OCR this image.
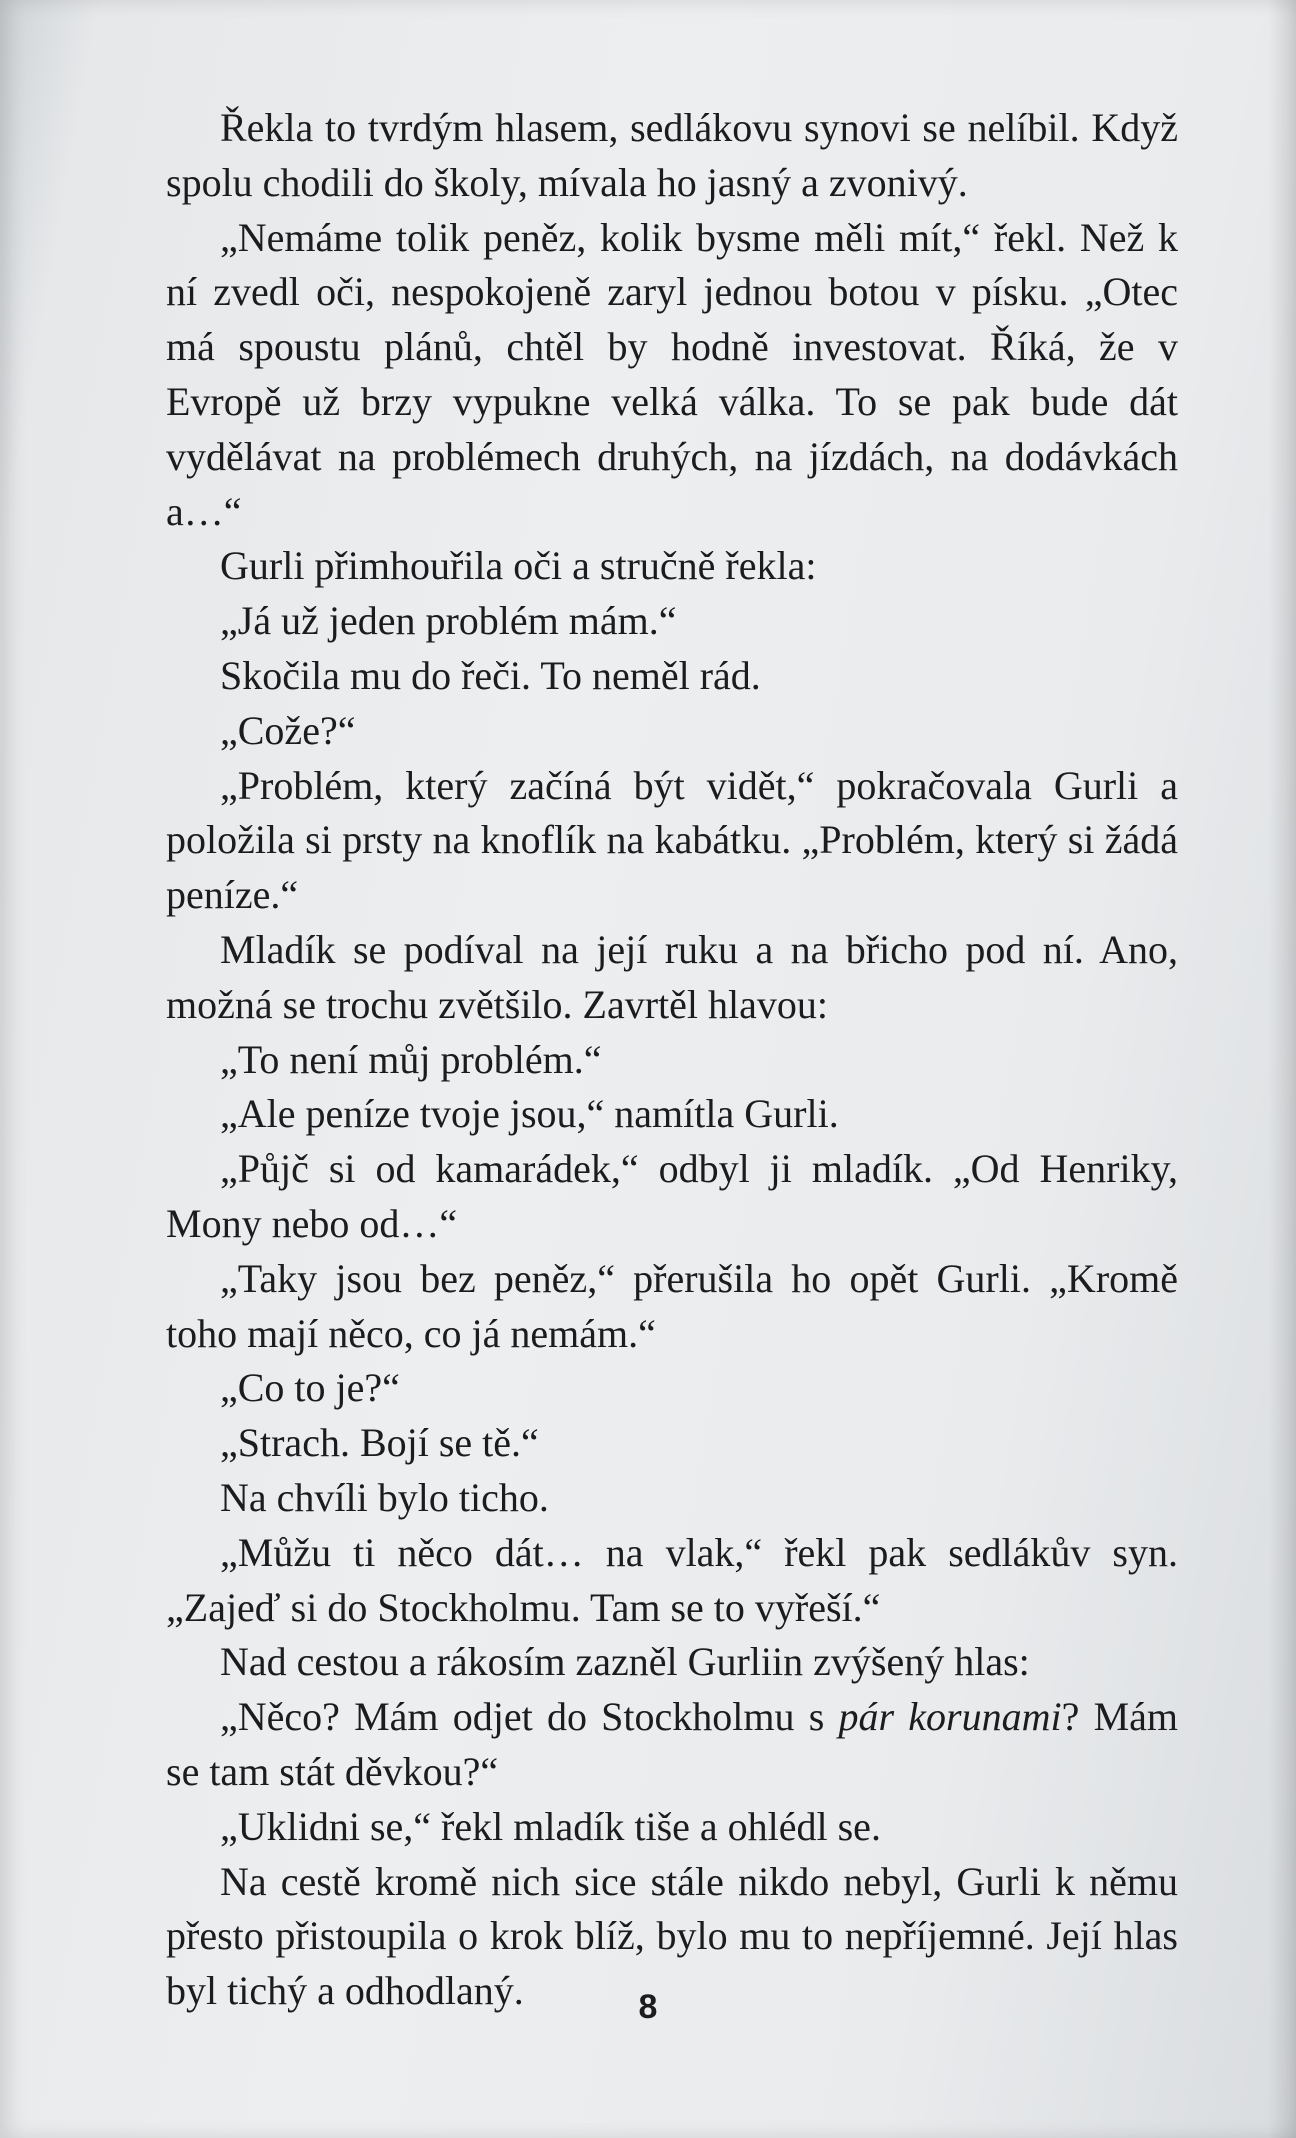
Řekla to tvrdým hlasem, sedlákovu synovi se nelíbil. Když spolu chodili do školy, mívala ho jasný a zvonivý.

„Nemáme tolik peněz, kolik bysme měli mít,“ řekl. Než k ní zvedl oči, nespokojeně zaryl jednou botou v písku. „Otec má spoustu plánů, chtěl by hodně investovat. Říká, že v Evropě už brzy vypukne velká válka. To se pak bude dát vydělávat na problémech druhých, na jízdách, na dodávkách a…“

Gurli přimhouřila oči a stručně řekla:

„Já už jeden problém mám.“

Skočila mu do řeči. To neměl rád.

„Cože?“

„Problém, který začíná být vidět,“ pokračovala Gurli a položila si prsty na knoflík na kabátku. „Problém, který si žádá peníze.“

Mladík se podíval na její ruku a na břicho pod ní. Ano, možná se trochu zvětšilo. Zavrtěl hlavou:

„To není můj problém.“

„Ale peníze tvoje jsou,“ namítla Gurli.

„Půjč si od kamarádek,“ odbyl ji mladík. „Od Henriky, Mony nebo od…“

„Taky jsou bez peněz,“ přerušila ho opět Gurli. „Kromě toho mají něco, co já nemám.“

„Co to je?“

„Strach. Bojí se tě.“

Na chvíli bylo ticho.

„Můžu ti něco dát… na vlak,“ řekl pak sedlákův syn. „Zajeď si do Stockholmu. Tam se to vyřeší.“

Nad cestou a rákosím zazněl Gurliin zvýšený hlas:

„Něco? Mám odjet do Stockholmu s pár korunami? Mám se tam stát děvkou?“

„Uklidni se,“ řekl mladík tiše a ohlédl se.

Na cestě kromě nich sice stále nikdo nebyl, Gurli k němu přesto přistoupila o krok blíž, bylo mu to nepříjemné. Její hlas byl tichý a odhodlaný.	8
